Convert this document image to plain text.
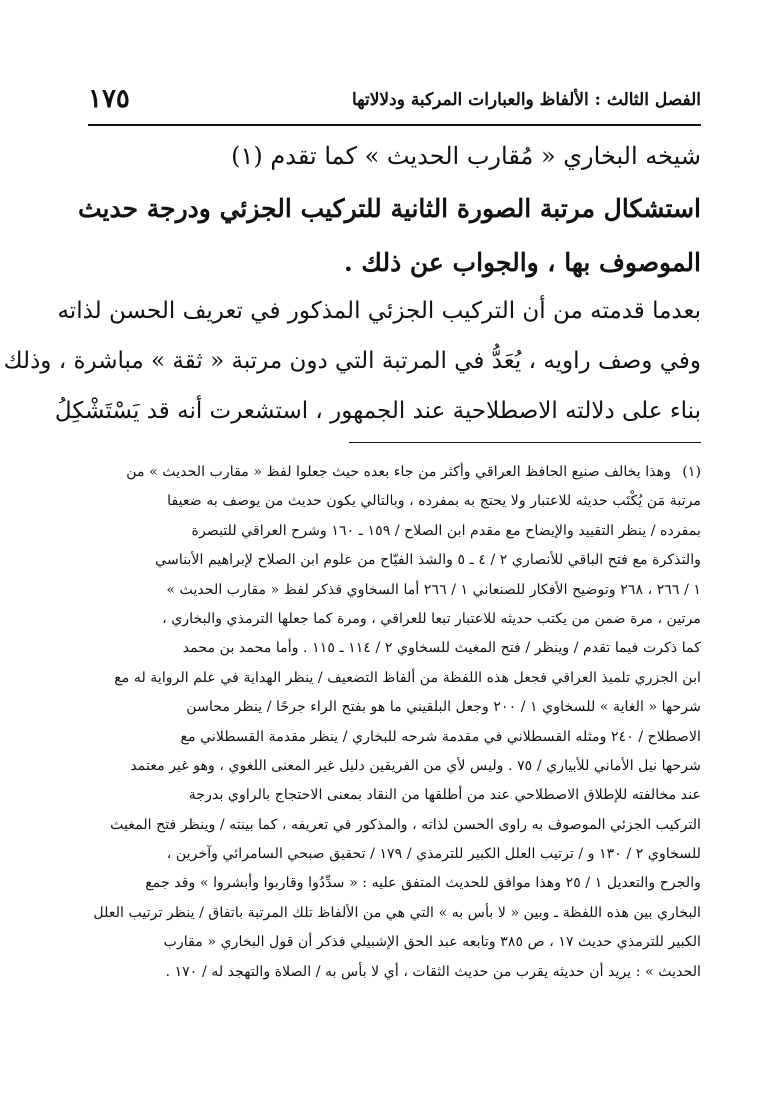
الفصل الثالث : الألفاظ والعبارات المركبة ودلالاتها
١٧٥
شيخه البخاري « مُقارب الحديث » كما تقدم (١)
استشكال مرتبة الصورة الثانية للتركيب الجزئي ودرجة حديث
الموصوف بها ، والجواب عن ذلك .
بعدما قدمته من أن التركيب الجزئي المذكور في تعريف الحسن لذاته
وفي وصف راويه ، يُعَدُّ في المرتبة التي دون مرتبة « ثقة » مباشرة ، وذلك
بناء على دلالته الاصطلاحية عند الجمهور ، استشعرت أنه قد يَسْتَشْكِلُ
(١)
وهذا يخالف صنيع الحافظ العراقي وأكثر من جاء بعده حيث جعلوا لفظ « مقارب الحديث » من
مرتبة مَن يُكْتَب حديثه للاعتبار ولا يحتج به بمفرده ، وبالتالي يكون حديث من يوصف به ضعيفا
بمفرده / ينظر التقييد والإيضاح مع مقدم ابن الصلاح / ١٥٩ ـ ١٦٠ وشرح العراقي للتبصرة
والتذكرة مع فتح الباقي للأنصاري ٢ / ٤ ـ ٥ والشذ الفيّاح من علوم ابن الصلاح لإبراهيم الأبناسي
١ / ٢٦٦ ، ٢٦٨ وتوضيح الأفكار للصنعاني ١ / ٢٦٦ أما السخاوي فذكر لفظ « مقارب الحديث »
مرتين ، مرة ضمن من يكتب حديثه للاعتبار تبعا للعراقي ، ومرة كما جعلها الترمذي والبخاري ،
كما ذكرت فيما تقدم / وينظر / فتح المغيث للسخاوي ٢ / ١١٤ ـ ١١٥ . وأما محمد بن محمد
ابن الجزري تلميذ العراقي فجعل هذه اللفظة من ألفاظ التضعيف / ينظر الهداية في علم الرواية له مع
شرحها « الغاية » للسخاوي ١ / ٢٠٠ وجعل البلقيني ما هو بفتح الراء جرحًا / ينظر محاسن
الاصطلاح / ٢٤٠ ومثله القسطلاني في مقدمة شرحه للبخاري / ينظر مقدمة القسطلاني مع
شرحها نيل الأماني للأبياري / ٧٥ . وليس لأي من الفريقين دليل غير المعنى اللغوي ، وهو غير معتمد
عند مخالفته للإطلاق الاصطلاحي عند من أطلقها من النقاد بمعنى الاحتجاج بالراوي بدرجة
التركيب الجزئي الموصوف به راوى الحسن لذاته ، والمذكور في تعريفه ، كما بينته / وينظر فتح المغيث
للسخاوي ٢ / ١٣٠ و / ترتيب العلل الكبير للترمذي / ١٧٩ / تحقيق صبحي السامرائي وآخرين ،
والجرح والتعديل ١ / ٢٥ وهذا موافق للحديث المتفق عليه : « سدِّدُوا وقاربوا وأبشروا » وقد جمع
البخاري بين هذه اللفظة ـ وبين « لا بأس به » التي هي من الألفاظ تلك المرتبة باتفاق / ينظر ترتيب العلل
الكبير للترمذي حديث ١٧ ، ص ٣٨٥ وتابعه عبد الحق الإشبيلي فذكر أن قول البخاري « مقارب
الحديث » : يريد أن حديثه يقرب من حديث الثقات ، أي لا بأس به / الصلاة والتهجد له / ١٧٠ .
